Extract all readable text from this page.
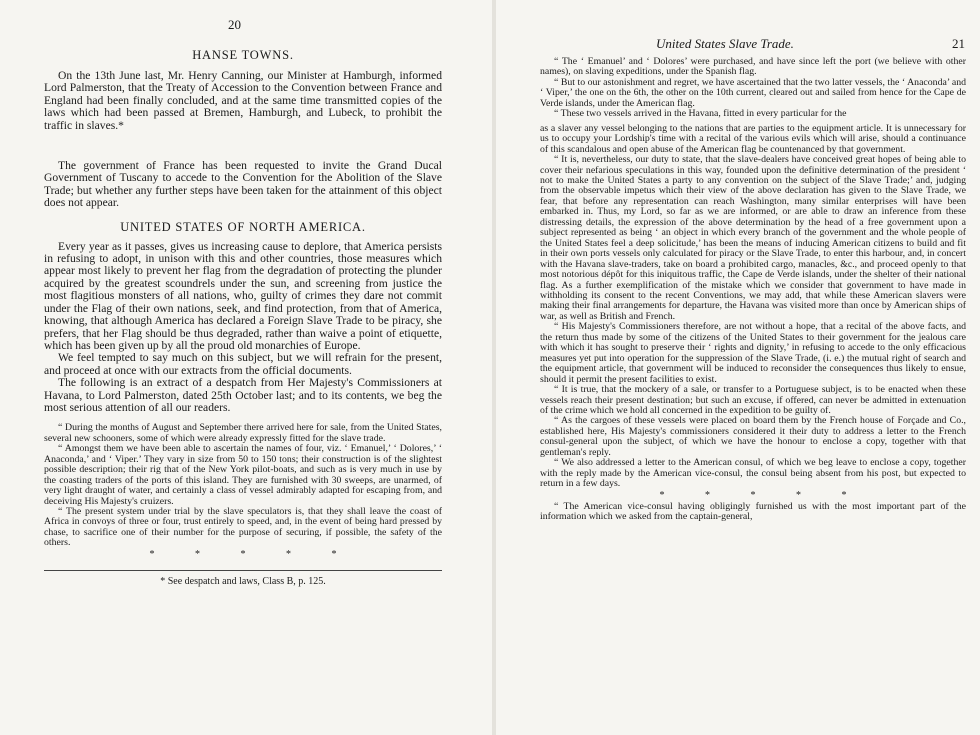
20

HANSE TOWNS.

On the 13th June last, Mr. Henry Canning, our Minister at Hamburgh, informed Lord Palmerston, that the Treaty of Accession to the Convention between France and England had been finally concluded, and at the same time transmitted copies of the laws which had been passed at Bremen, Hamburgh, and Lubeck, to prohibit the traffic in slaves.*

The government of France has been requested to invite the Grand Ducal Government of Tuscany to accede to the Convention for the Abolition of the Slave Trade; but whether any further steps have been taken for the attainment of this object does not appear.

UNITED STATES OF NORTH AMERICA.

Every year as it passes, gives us increasing cause to deplore, that America persists in refusing to adopt, in unison with this and other countries, those measures which appear most likely to prevent her flag from the degradation of protecting the plunder acquired by the greatest scoundrels under the sun, and screening from justice the most flagitious monsters of all nations, who, guilty of crimes they dare not commit under the Flag of their own nations, seek, and find protection, from that of America, knowing, that although America has declared a Foreign Slave Trade to be piracy, she prefers, that her Flag should be thus degraded, rather than waive a point of etiquette, which has been given up by all the proud old monarchies of Europe.

We feel tempted to say much on this subject, but we will refrain for the present, and proceed at once with our extracts from the official documents.

The following is an extract of a despatch from Her Majesty's Commissioners at Havana, to Lord Palmerston, dated 25th October last; and to its contents, we beg the most serious attention of all our readers.

“ During the months of August and September there arrived here for sale, from the United States, several new schooners, some of which were already expressly fitted for the slave trade.

“ Amongst them we have been able to ascertain the names of four, viz. ‘ Emanuel,’ ‘ Dolores,’ ‘ Anaconda,’ and ‘ Viper.’ They vary in size from 50 to 150 tons; their construction is of the slightest possible description; their rig that of the New York pilot-boats, and such as is very much in use by the coasting traders of the ports of this island. They are furnished with 30 sweeps, are unarmed, of very light draught of water, and certainly a class of vessel admirably adapted for escaping from, and deceiving His Majesty's cruizers.

“ The present system under trial by the slave speculators is, that they shall leave the coast of Africa in convoys of three or four, trust entirely to speed, and, in the event of being hard pressed by chase, to sacrifice one of their number for the purpose of securing, if possible, the safety of the others.

* * * * *

* See despatch and laws, Class B, p. 125.

United States Slave Trade.	21

“ The ‘ Emanuel’ and ‘ Dolores’ were purchased, and have since left the port (we believe with other names), on slaving expeditions, under the Spanish flag.

“ But to our astonishment and regret, we have ascertained that the two latter vessels, the ‘ Anaconda’ and ‘ Viper,’ the one on the 6th, the other on the 10th current, cleared out and sailed from hence for the Cape de Verde islands, under the American flag.

“ These two vessels arrived in the Havana, fitted in every particular for the

as a slaver any vessel belonging to the nations that are parties to the equipment article. It is unnecessary for us to occupy your Lordship's time with a recital of the various evils which will arise, should a continuance of this scandalous and open abuse of the American flag be countenanced by that government.

“ It is, nevertheless, our duty to state, that the slave-dealers have conceived great hopes of being able to cover their nefarious speculations in this way, founded upon the definitive determination of the president ‘ not to make the United States a party to any convention on the subject of the Slave Trade;’ and, judging from the observable impetus which their view of the above declaration has given to the Slave Trade, we fear, that before any representation can reach Washington, many similar enterprises will have been embarked in. Thus, my Lord, so far as we are informed, or are able to draw an inference from these distressing details, the expression of the above determination by the head of a free government upon a subject represented as being ‘ an object in which every branch of the government and the whole people of the United States feel a deep solicitude,’ has been the means of inducing American citizens to build and fit in their own ports vessels only calculated for piracy or the Slave Trade, to enter this harbour, and, in concert with the Havana slave-traders, take on board a prohibited cargo, manacles, &c., and proceed openly to that most notorious dépôt for this iniquitous traffic, the Cape de Verde islands, under the shelter of their national flag. As a further exemplification of the mistake which we consider that government to have made in withholding its consent to the recent Conventions, we may add, that while these American slavers were making their final arrangements for departure, the Havana was visited more than once by American ships of war, as well as British and French.

“ His Majesty's Commissioners therefore, are not without a hope, that a recital of the above facts, and the return thus made by some of the citizens of the United States to their government for the jealous care with which it has sought to preserve their ‘ rights and dignity,’ in refusing to accede to the only efficacious measures yet put into operation for the suppression of the Slave Trade, (i. e.) the mutual right of search and the equipment article, that government will be induced to reconsider the consequences thus likely to ensue, should it permit the present facilities to exist.

“ It is true, that the mockery of a sale, or transfer to a Portuguese subject, is to be enacted when these vessels reach their present destination; but such an excuse, if offered, can never be admitted in extenuation of the crime which we hold all concerned in the expedition to be guilty of.

“ As the cargoes of these vessels were placed on board them by the French house of Forçade and Co., established here, His Majesty's commissioners considered it their duty to address a letter to the French consul-general upon the subject, of which we have the honour to enclose a copy, together with that gentleman's reply.

“ We also addressed a letter to the American consul, of which we beg leave to enclose a copy, together with the reply made by the American vice-consul, the consul being absent from his post, but expected to return in a few days.

* * * * *

“ The American vice-consul having obligingly furnished us with the most important part of the information which we asked from the captain-general,
